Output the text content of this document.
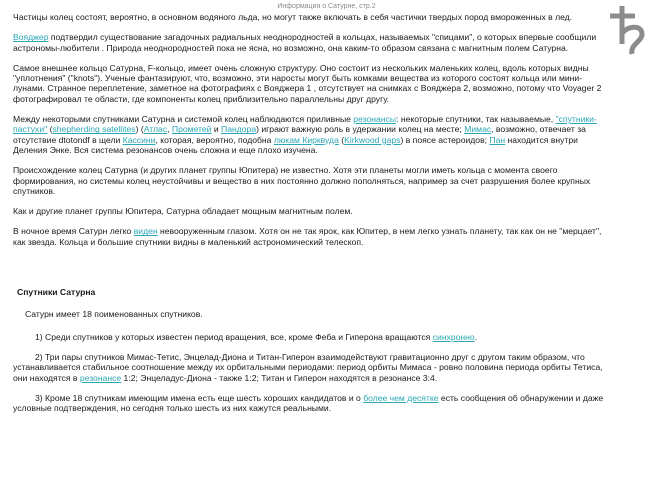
Информация о Сатурне, стр.2

Частицы колец состоят, вероятно, в основном водяного льда, но могут также включать в себя частички твердых пород вмороженных в лед.

Вояджер подтвердил существование загадочных радиальных неоднородностей в кольцах, называемых "спицами", о которых впервые сообщили астрономы-любители . Природа неоднородностей пока не ясна, но возможно, она каким-то образом связана с магнитным полем Сатурна.

Самое внешнее кольцо Сатурна, F-кольцо, имеет очень сложную структуру. Оно состоит из нескольких маленьких колец, вдоль которых видны "уплотнения" ("knots"). Ученые фантазируют, что, возможно, эти наросты могут быть комками вещества из которого состоят кольца или мини-лунами. Странное переплетение, заметное на фотографиях с Вояджера 1 , отсутствует на снимках с Вояджера 2, возможно, потому что Voyager 2 фотографировал те области, где компоненты колец приблизительно параллельны друг другу.

Между некоторыми спутниками Сатурна и системой колец наблюдаются приливные резонансы: некоторые спутники, так называемые, "спутники-пастухи" (shepherding satellites) (Атлас, Прометей и Пандора) играют важную роль в удержании колец на месте; Мимас, возможно, отвечает за отсутствие dtotondf в щели Кассини, которая, вероятно, подобна люкам Кирквуда (Kirkwood gaps) в поясе астероидов; Пан находится внутри Деления Энке. Вся система резонансов очень сложна и еще плохо изучена.

Происхождение колец Сатурна (и других планет группы Юпитера) не известно. Хотя эти планеты могли иметь кольца с момента своего формирования, но системы колец неустойчивы и вещество в них постоянно должно пополняться, например за счет разрушения более крупных спутников.

Как и другие планет группы Юпитера, Сатурна обладает мощным магнитным полем.

В ночное время Сатурн легко виден невооруженным глазом. Хотя он не так ярок, как Юпитер, в нем легко узнать планету, так как он не "мерцает", как звезда. Кольца и большие спутники видны в маленький астрономический телескоп.

Спутники Сатурна

Сатурн имеет 18 поименованных спутников.

1) Среди спутников у которых известен период вращения, все, кроме Феба и Гиперона вращаются синхронно.

2) Три пары спутников Мимас-Тетис, Энцелад-Диона и Титан-Гиперон взаимодействуют гравитационно друг с другом таким образом, что устанавливается стабильное соотношение между их орбитальными периодами: период орбиты Мимаса - ровно половина периода орбиты Тетиса, они находятся в резонансе 1:2; Энцеладус-Диона - также 1:2; Титан и Гиперон находятся в резонансе 3:4.

3) Кроме 18 спутникам имеющим имена есть еще шесть хороших кандидатов и о более чем десятке есть сообщения об обнаружении и даже условные подтверждения, но сегодня только шесть из них кажутся реальными.
